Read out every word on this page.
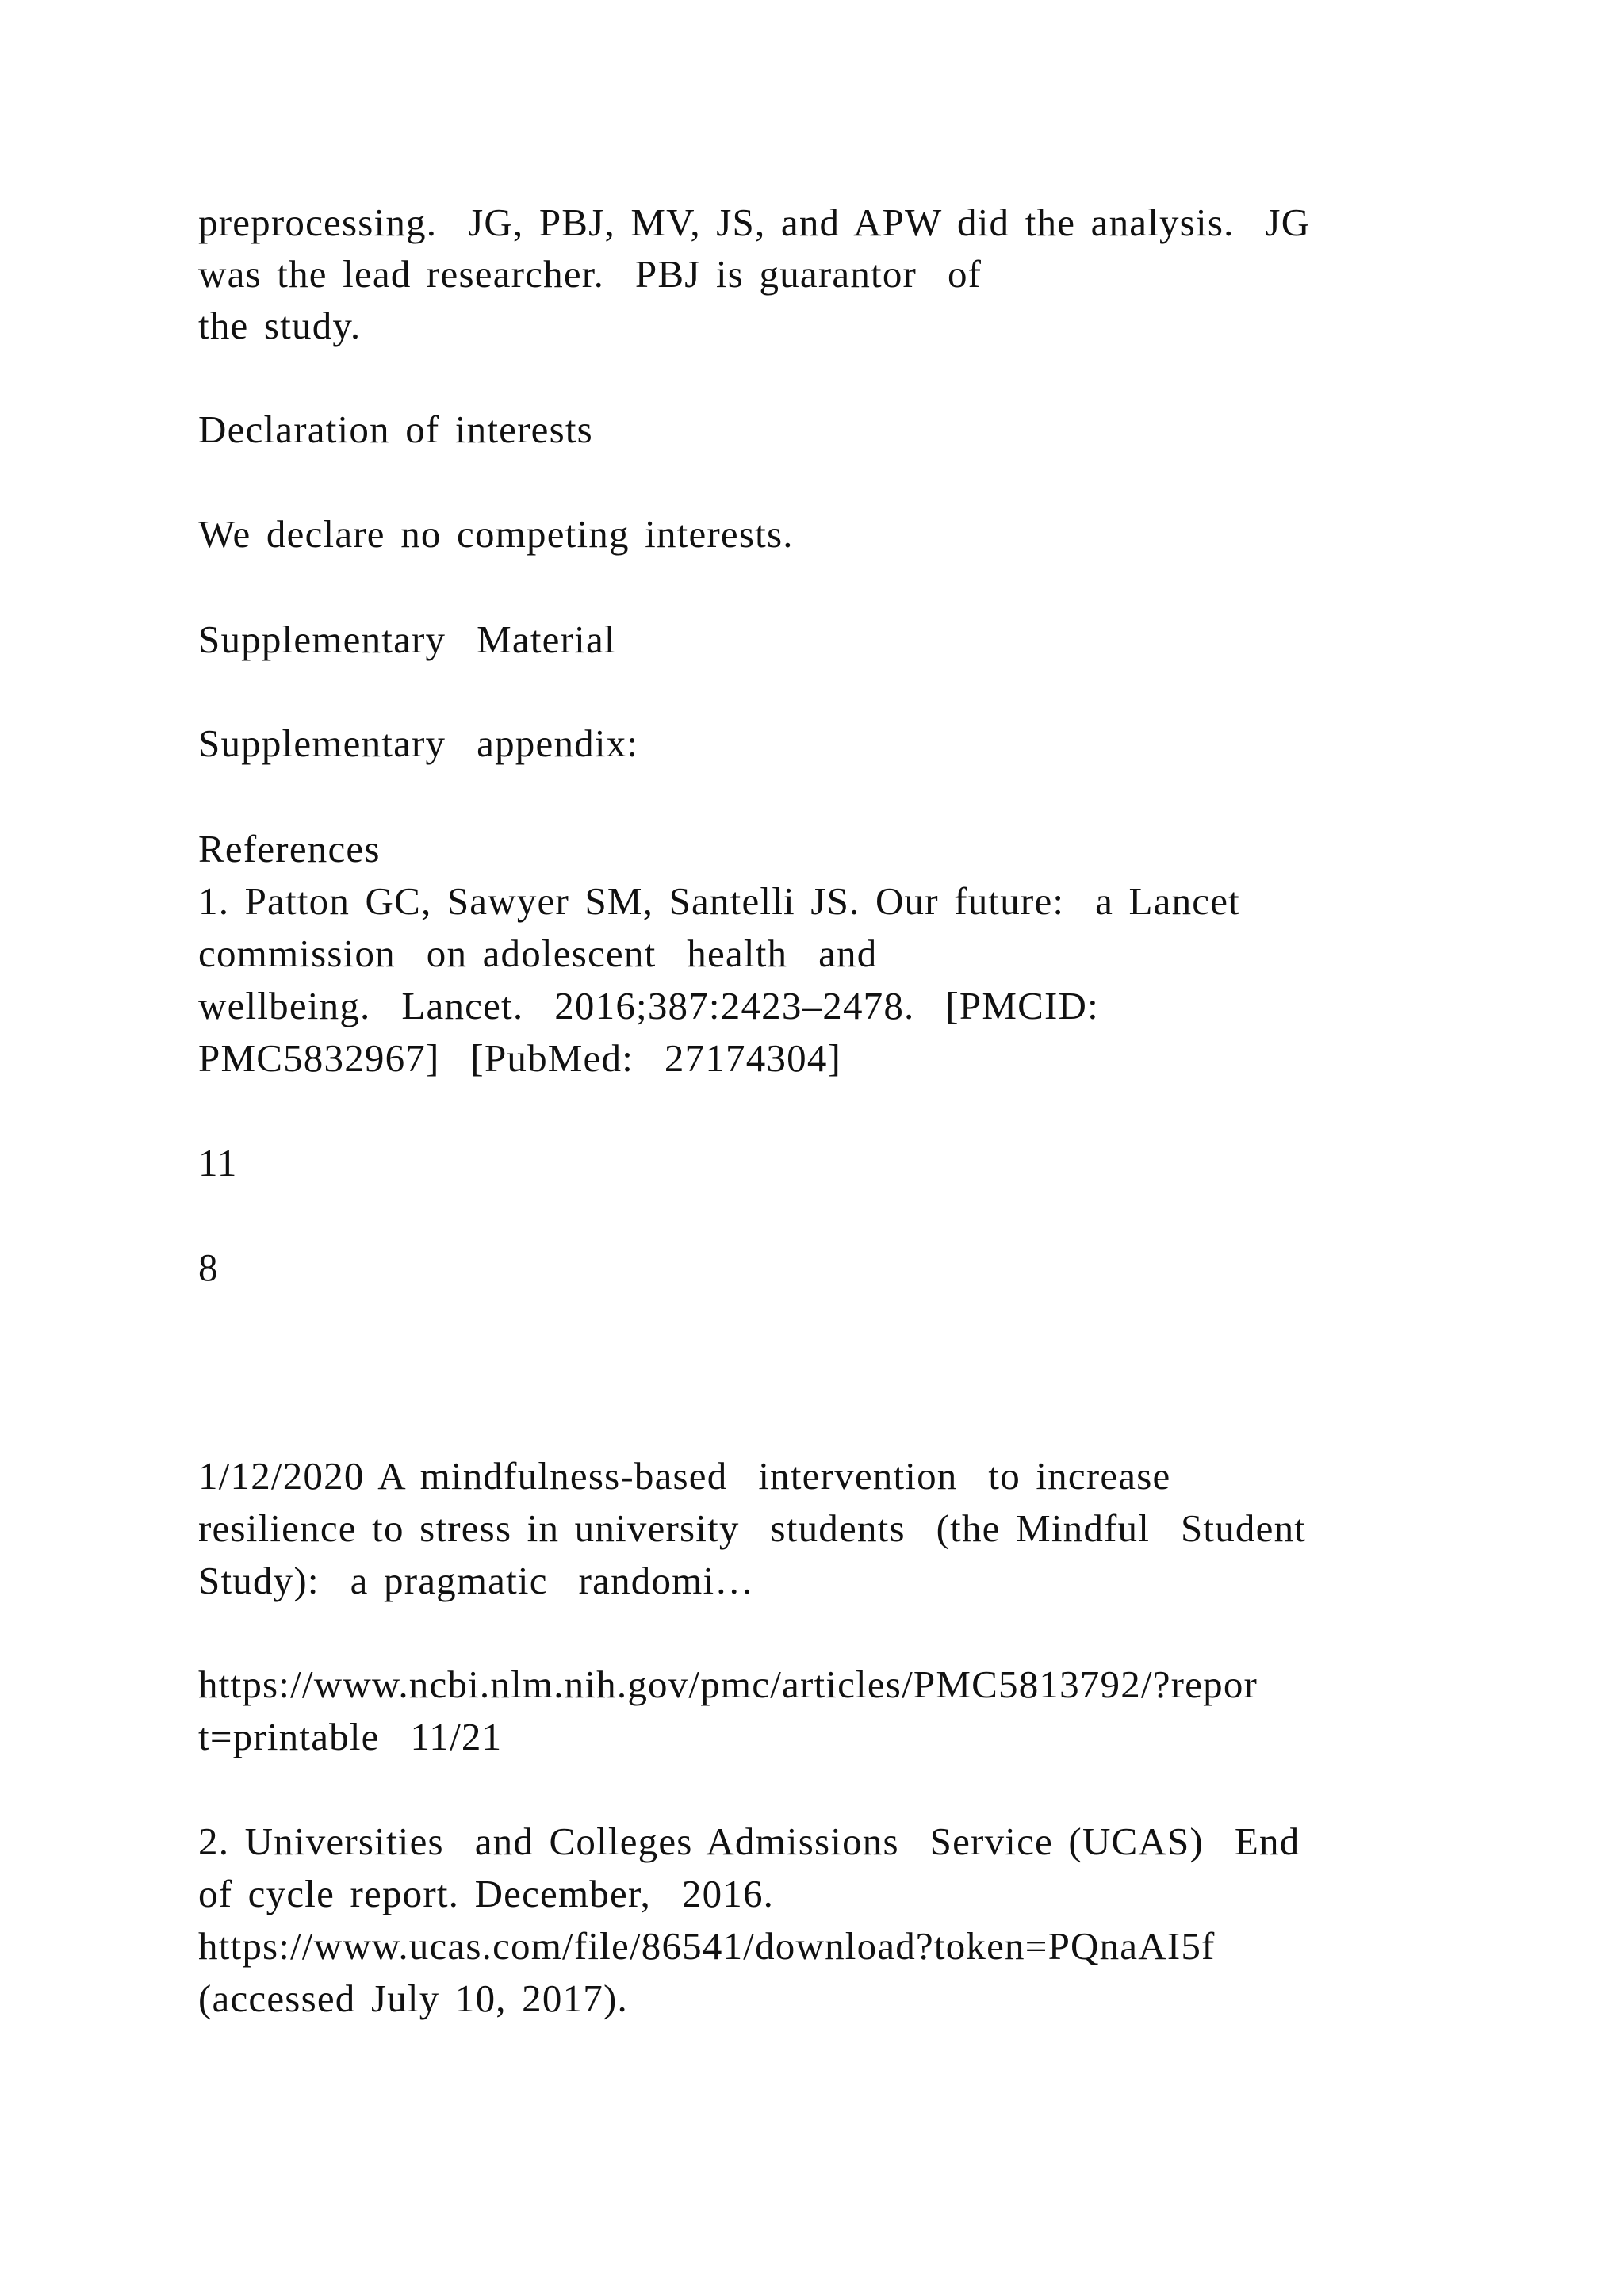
preprocessing.  JG, PBJ, MV, JS, and APW did the analysis.  JG
was the lead researcher.  PBJ is guarantor  of
the study.
Declaration of interests
We declare no competing interests.
Supplementary  Material
Supplementary  appendix:
References
1. Patton GC, Sawyer SM, Santelli JS. Our future:  a Lancet
commission  on adolescent  health  and
wellbeing.  Lancet.  2016;387:2423–2478.  [PMCID:
PMC5832967]  [PubMed:  27174304]
11
8
1/12/2020 A mindfulness-based  intervention  to increase
resilience to stress in university  students  (the Mindful  Student
Study):  a pragmatic  randomi…
https://www.ncbi.nlm.nih.gov/pmc/articles/PMC5813792/?repor
t=printable  11/21
2. Universities  and Colleges Admissions  Service (UCAS)  End
of cycle report. December,  2016.
https://www.ucas.com/file/86541/download?token=PQnaAI5f
(accessed July 10, 2017).
